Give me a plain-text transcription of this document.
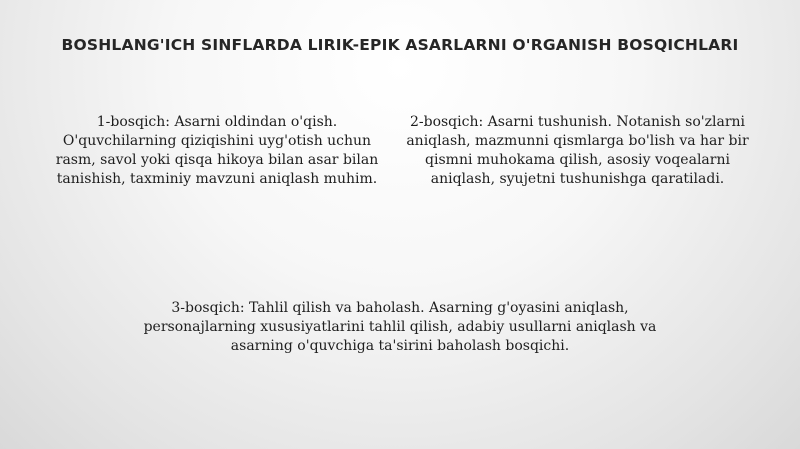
BOSHLANG'ICH SINFLARDA LIRIK-EPIK ASARLARNI O'RGANISH BOSQICHLARI
1-bosqich: Asarni oldindan o'qish. O'quvchilarning qiziqishini uyg'otish uchun rasm, savol yoki qisqa hikoya bilan asar bilan tanishish, taxminiy mavzuni aniqlash muhim.
2-bosqich: Asarni tushunish. Notanish so'zlarni aniqlash, mazmunni qismlarga bo'lish va har bir qismni muhokama qilish, asosiy voqealarni aniqlash, syujetni tushunishga qaratiladi.
3-bosqich: Tahlil qilish va baholash. Asarning g'oyasini aniqlash, personajlarning xususiyatlarini tahlil qilish, adabiy usullarni aniqlash va asarning o'quvchiga ta'sirini baholash bosqichi.
